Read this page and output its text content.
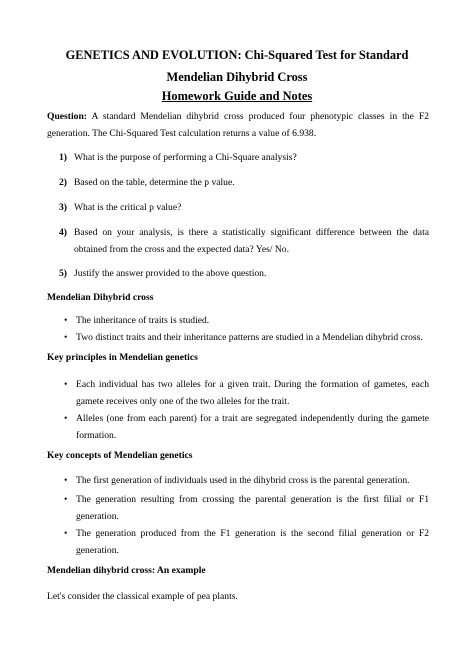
GENETICS AND EVOLUTION: Chi-Squared Test for Standard Mendelian Dihybrid Cross
Homework Guide and Notes
Question: A standard Mendelian dihybrid cross produced four phenotypic classes in the F2 generation. The Chi-Squared Test calculation returns a value of 6.938.
1) What is the purpose of performing a Chi-Square analysis?
2) Based on the table, determine the p value.
3) What is the critical p value?
4) Based on your analysis, is there a statistically significant difference between the data obtained from the cross and the expected data? Yes/ No.
5) Justify the answer provided to the above question.
Mendelian Dihybrid cross
• The inheritance of traits is studied.
• Two distinct traits and their inheritance patterns are studied in a Mendelian dihybrid cross.
Key principles in Mendelian genetics
• Each individual has two alleles for a given trait. During the formation of gametes, each gamete receives only one of the two alleles for the trait.
• Alleles (one from each parent) for a trait are segregated independently during the gamete formation.
Key concepts of Mendelian genetics
• The first generation of individuals used in the dihybrid cross is the parental generation.
• The generation resulting from crossing the parental generation is the first filial or F1 generation.
• The generation produced from the F1 generation is the second filial generation or F2 generation.
Mendelian dihybrid cross: An example
Let's consider the classical example of pea plants.
